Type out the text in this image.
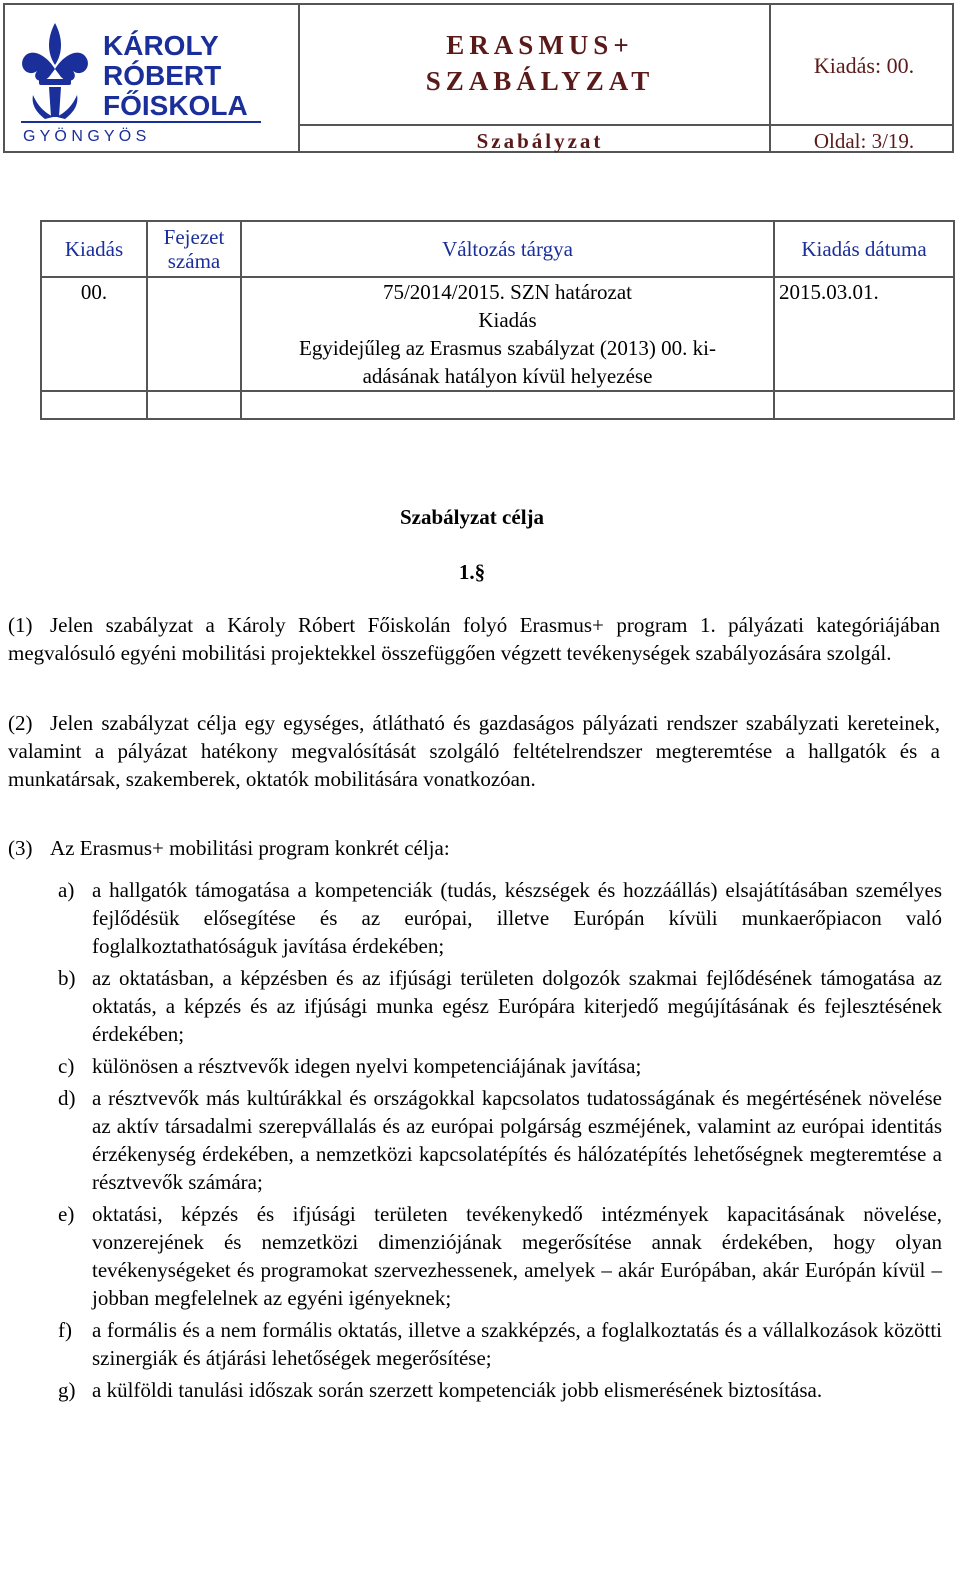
KÁROLY
RÓBERT
FŐISKOLA
G Y Ö N G Y Ö S
ERASMUS+
SZABÁLYZAT
Kiadás: 00.
Szabályzat	Oldal: 3/19.
Kiadás	Fejezet száma	Változás tárgya	Kiadás dátuma
00.		75/2014/2015. SZN határozat
Kiadás
Egyidejűleg az Erasmus szabályzat (2013) 00. ki-
adásának hatályon kívül helyezése	2015.03.01.

Szabályzat célja
1.§
(1) Jelen szabályzat a Károly Róbert Főiskolán folyó Erasmus+ program 1. pályázati kategóriájában megvalósuló egyéni mobilitási projektekkel összefüggően végzett tevékenységek szabályozására szolgál.
(2) Jelen szabályzat célja egy egységes, átlátható és gazdaságos pályázati rendszer szabályzati kereteinek, valamint a pályázat hatékony megvalósítását szolgáló feltételrendszer megteremtése a hallgatók és a munkatársak, szakemberek, oktatók mobilitására vonatkozóan.
(3) Az Erasmus+ mobilitási program konkrét célja:
a) a hallgatók támogatása a kompetenciák (tudás, készségek és hozzáállás) elsajátításában személyes fejlődésük elősegítése és az európai, illetve Európán kívüli munkaerőpiacon való foglalkoztathatóságuk javítása érdekében;
b) az oktatásban, a képzésben és az ifjúsági területen dolgozók szakmai fejlődésének támogatása az oktatás, a képzés és az ifjúsági munka egész Európára kiterjedő megújításának és fejlesztésének érdekében;
c) különösen a résztvevők idegen nyelvi kompetenciájának javítása;
d) a résztvevők más kultúrákkal és országokkal kapcsolatos tudatosságának és megértésének növelése az aktív társadalmi szerepvállalás és az európai polgárság eszméjének, valamint az európai identitás érzékenység érdekében, a nemzetközi kapcsolatépítés és hálózatépítés lehetőségnek megteremtése a résztvevők számára;
e) oktatási, képzés és ifjúsági területen tevékenykedő intézmények kapacitásának növelése, vonzerejének és nemzetközi dimenziójának megerősítése annak érdekében, hogy olyan tevékenységeket és programokat szervezhessenek, amelyek – akár Európában, akár Európán kívül – jobban megfelelnek az egyéni igényeknek;
f) a formális és a nem formális oktatás, illetve a szakképzés, a foglalkoztatás és a vállalkozások közötti szinergiák és átjárási lehetőségek megerősítése;
g) a külföldi tanulási időszak során szerzett kompetenciák jobb elismerésének biztosítása.
